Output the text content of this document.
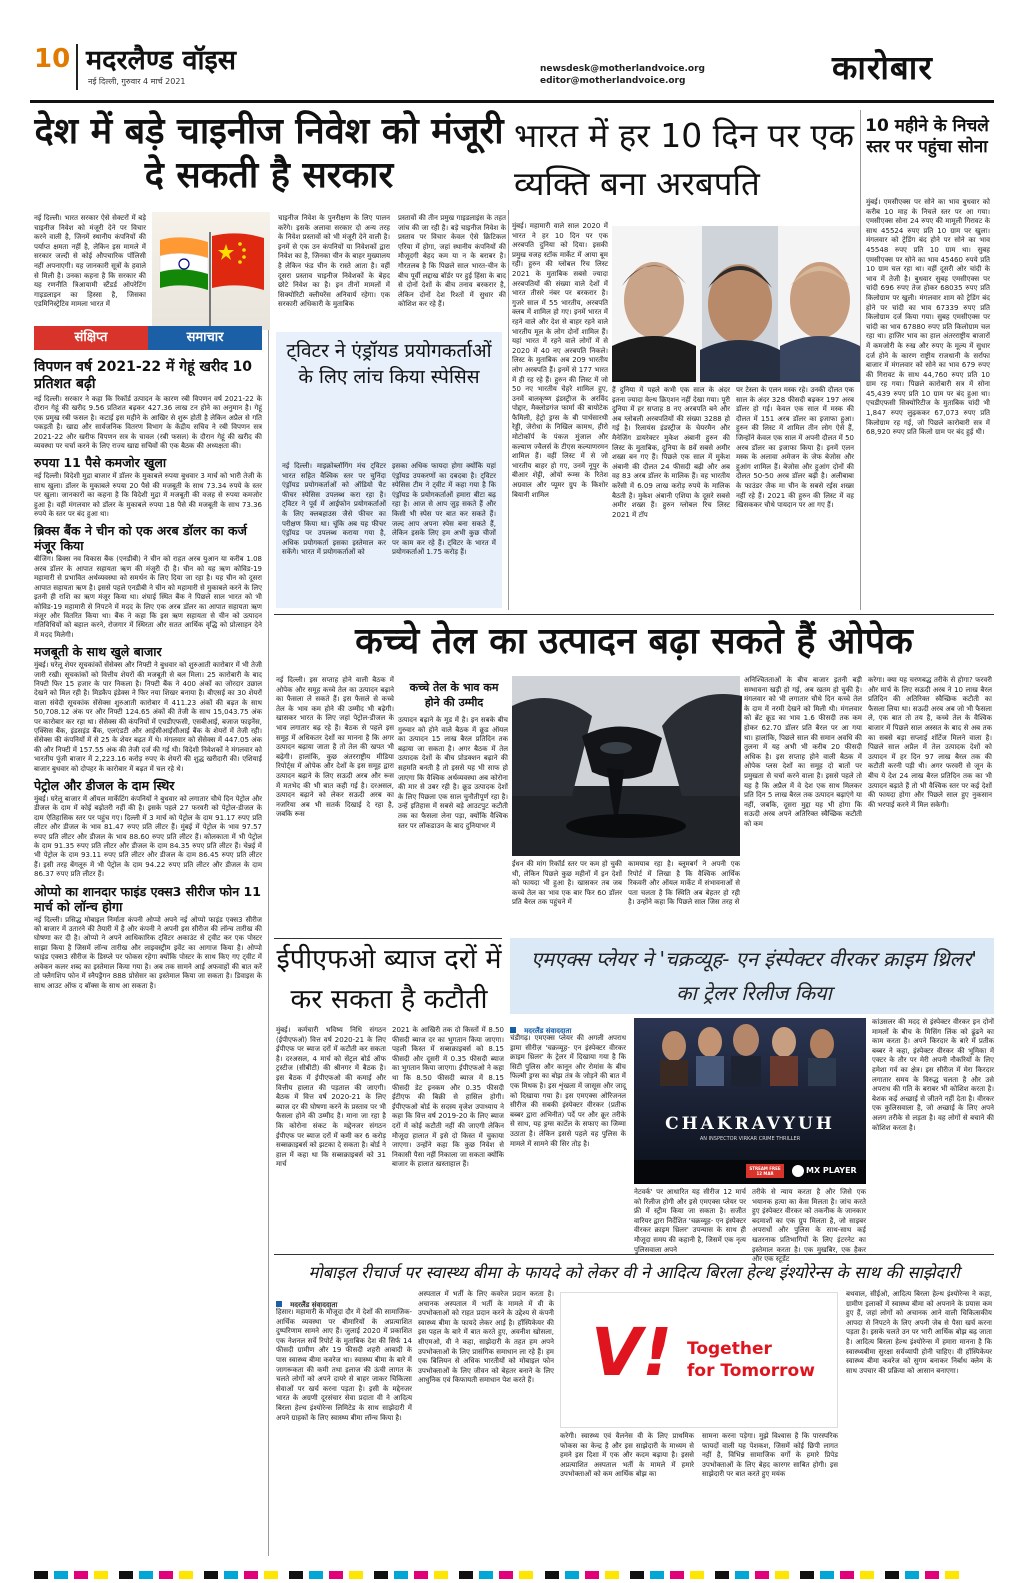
10 मदरलैण्ड वॉइस
नई दिल्ली, गुरुवार 4 मार्च 2021
newsdesk@motherlandvoice.org
editor@motherlandvoice.org	कारोबार
देश में बड़े चाइनीज निवेश को मंजूरी दे सकती है सरकार
नई दिल्ली। भारत सरकार ऐसे सेक्टरों में बड़े चाइनीज निवेश को मंजूरी देने पर विचार करने वाली है, जिनमें स्थानीय कंपनियों की पर्याप्त क्षमता नहीं है, लेकिन इस मामले में सरकार जल्दी से कोई औपचारिक पॉलिसी नहीं अपनाएगी। यह जानकारी सूत्रों के हवाले से मिली है। उनका कहना है कि सरकार की यह रणनीति त्रिआयामी स्टैंडर्ड ऑपरेटिंग गाइडलाइन का हिस्सा है, जिसका एडमिनिस्ट्रेटिव मामला भारत में
चाइनीज निवेश के पुनरीक्षण के लिए पालन करेंगे। इसके अलावा सरकार दो अन्य तरह के निवेश प्रस्तावों को भी मंजूरी देने वाली है। इनमें से एक उन कंपनियों या निवेशकों द्वारा निवेश का है, जिनका चीन के बाहर मुख्यालय है लेकिन फंड चीन के रास्ते आता है। वहीं दूसरा प्रस्ताव चाइनीज निवेशकों के बेहद छोटे निवेश का है। इन तीनों मामलों में सिक्योरिटी क्लीयरेंस अनिवार्य रहेगा। एक सरकारी अधिकारी के मुताबिक
प्रस्तावों की तीन प्रमुख गाइडलाइंस के तहत जांच की जा रही है। बड़े चाइनीज निवेश के प्रस्ताव पर विचार केवल ऐसे क्रिटिकल एरिया में होगा, जहां स्थानीय कंपनियों की मौजूदगी बेहद कम या न के बराबर है। गौरतलब है कि पिछले साल भारत-चीन के बीच पूर्वी लद्दाख बॉर्डर पर हुई हिंसा के बाद से दोनों देशों के बीच तनाव बरकरार है, लेकिन दोनों देश रिश्तों में सुधार की कोशिश कर रहे हैं।
भारत में हर 10 दिन पर एक व्यक्ति बना अरबपति
मुंबई। महामारी वाले साल 2020 में भारत ने हर 10 दिन पर एक अरबपति दुनिया को दिया। इसकी प्रमुख वजह स्टॉक मार्केट में आया बूम रही। हुरुन की ग्लोबल रिच लिस्ट 2021 के मुताबिक सबसे ज्यादा अरबपतियों की संख्या वाले देशों में भारत तीसरे नंबर पर बरकरार है। गुजरे साल में 55 भारतीय, अरबपति क्लब में शामिल हो गए। इनमें भारत में रहने वाले और देश से बाहर रहने वाले भारतीय मूल के लोग दोनों शामिल हैं। यहां भारत में रहने वाले लोगों में से 2020 में 40 नए अरबपति निकले। लिस्ट के मुताबिक अब 209 भारतीय लोग अरबपति हैं। इनमें से 177 भारत में ही रह रहे हैं। हुरुन की लिस्ट में जो 50 नए भारतीय चेहरे शामिल हुए, उनमें बालकृष्ण इंडस्ट्रीज के अरविंद पोद्दार, मैक्लोडगंज फार्मा की बायोटेक फैमिली, हेट्रो ड्रग्स के बी पार्थसारथी रेड्डी, जेरोधा के निखिल कामथ, हीरो मोटोकॉर्प के पंकज मुंजाल और कल्याण ज्वैलर्स के टीएस कल्याणरमन शामिल हैं। वहीं लिस्ट में से जो भारतीय बाहर हो गए, उनमें नूपुर के बीआर शेट्टी, ओयो रूम्स के रितेश अग्रवाल और प्यूमर ग्रुप के किशोर बियानी शामिल
हैं दुनिया में पहले कभी एक साल के अंदर इतना ज्यादा वेल्थ क्रिएशन नहीं देखा गया। पूरी दुनिया में हर सप्ताह 8 नए अरबपति बने और अब ग्लोबली अरबपतियों की संख्या 3288 हो गई है। रिलायंस इंडस्ट्रीज के चेयरमैन और मैनेजिंग डायरेक्टर मुकेश अंबानी हुरुन की लिस्ट के मुताबिक, दुनिया के 8वें सबसे अमीर शख्स बन गए हैं। पिछले एक साल में मुकेश अंबानी की दौलत 24 फीसदी बढ़ी और अब वह 83 अरब डॉलर के मालिक हैं। वह भारतीय करेंसी में 6.09 लाख करोड़ रुपये के मालिक बैठती है। मुकेश अंबानी एशिया के दूसरे सबसे अमीर शख्स हैं। हुरुन ग्लोबल रिच लिस्ट 2021 में टॉप
पर टेस्ला के एलन मस्क रहे। उनकी दौलत एक साल के अंदर 328 फीसदी बढ़कर 197 अरब डॉलर हो गई। केवल एक साल में मस्क की दौलत में 151 अरब डॉलर का इजाफा हुआ। हुरुन की लिस्ट में शामिल तीन लोग ऐसे हैं, जिन्होंने केवल एक साल में अपनी दौलत में 50 अरब डॉलर का इजाफा किया है। इनमें एलन मस्क के अलावा अमेजन के जेफ बेजोस और हुआंग शामिल हैं। बेजोस और हुआंग दोनों की दौलत 50-50 अरब डॉलर बढ़ी है। अलीबाबा के फाउंडर जैक मा चीन के सबसे रईस शख्स नहीं रहे हैं। 2021 की हुरुन की लिस्ट में वह खिसककर चौथे पायदान पर आ गए हैं।
10 महीने के निचले स्तर पर पहुंचा सोना
मुंबई। एमसीएक्स पर सोने का भाव बुधवार को करीब 10 माह के निचले स्तर पर आ गया। एमसीएक्स सोना 24 रुपए की मामूली गिरावट के साथ 45524 रुपए प्रति 10 ग्राम पर खुला। मंगलवार को ट्रेडिंग बंद होने पर सोने का भाव 45548 रुपए प्रति 10 ग्राम था। सुबह एमसीएक्स पर सोने का भाव 45460 रुपये प्रति 10 ग्राम चल रहा था। वहीं दूसरी ओर चांदी के भाव में तेजी है। बुधवार सुबह एमसीएक्स पर चांदी 696 रुपए तेज होकर 68035 रुपए प्रति किलोग्राम पर खुली। मंगलवार शाम को ट्रेडिंग बंद होने पर चांदी का भाव 67339 रुपए प्रति किलोग्राम दर्ज किया गया। सुबह एमसीएक्स पर चांदी का भाव 67880 रुपए प्रति किलोग्राम चल रहा था। हाजिर भाव का हाल अंतरराष्ट्रीय बाजारों में कमजोरी के रुख और रुपए के मूल्य में सुधार दर्ज होने के कारण राष्ट्रीय राजधानी के सर्राफा बाजार में मंगलवार को सोने का भाव 679 रुपए की गिरावट के साथ 44,760 रुपए प्रति 10 ग्राम रह गया। पिछले कारोबारी सत्र में सोना 45,439 रुपए प्रति 10 ग्राम पर बंद हुआ था। एचडीएफसी सिक्योरिटीज के मुताबिक चांदी भी 1,847 रुपए लुढ़ककर 67,073 रुपए प्रति किलोग्राम रह गई, जो पिछले कारोबारी सत्र में 68,920 रुपए प्रति किलो ग्राम पर बंद हुई थी।
संक्षिप्त	समाचार
विपणन वर्ष 2021-22 में गेहूं खरीद 10 प्रतिशत बढ़ी
नई दिल्ली। सरकार ने कहा कि रिकॉर्ड उत्पादन के कारण रबी विपणन वर्ष 2021-22 के दौरान गेहूं की खरीद 9.56 प्रतिशत बढ़कर 427.36 लाख टन होने का अनुमान है। गेहूं एक प्रमुख रबी फसल है। कटाई इस महीने के आखिर से शुरू होती है लेकिन अप्रैल से गति पकड़ती है। खाद्य और सार्वजनिक वितरण विभाग के केंद्रीय सचिव ने रबी विपणन सत्र 2021-22 और खरीफ विपणन सत्र के चावल (रबी फसल) के दौरान गेहूं की खरीद की व्यवस्था पर चर्चा करने के लिए राज्य खाद्य सचिवों की एक बैठक की अध्यक्षता की।
रुपया 11 पैसे कमजोर खुला
नई दिल्ली। विदेशी मुद्रा बाजार में डॉलर के मुकाबले रुपया बुधवार 3 मार्च को भारी तेजी के साथ खुला। डॉलर के मुकाबले रुपया 20 पैसे की मजबूती के साथ 73.34 रुपये के स्तर पर खुला। जानकारों का कहना है कि विदेशी मुद्रा में मजबूती की वजह से रुपया कमजोर हुआ है। वहीं मंगलवार को डॉलर के मुकाबले रुपया 18 पैसे की मजबूती के साथ 73.36 रुपये के स्तर पर बंद हुआ था।
ब्रिक्स बैंक ने चीन को एक अरब डॉलर का कर्ज मंजूर किया
बीजिंग। ब्रिक्स नव विकास बैंक (एनडीबी) ने चीन को राहत अरब युआन या करीब 1.08 अरब डॉलर के आपात सहायता ऋण की मंजूरी दी है। चीन को यह ऋण कोविड-19 महामारी से प्रभावित अर्थव्यवस्था को समर्थन के लिए दिया जा रहा है। यह चीन को दूसरा आपात सहायता ऋण है। इससे पहले एनडीबी ने चीन को महामारी से मुकाबले करने के लिए इतनी ही राशि का ऋण मंजूर किया था। शंघाई स्थित बैंक ने पिछले साल भारत को भी कोविड-19 महामारी से निपटने में मदद के लिए एक अरब डॉलर का आपात सहायता ऋण मंजूर और वितरित किया था। बैंक ने कहा कि इस ऋण सहायता से चीन को उत्पादन गतिविधियों को बहाल करने, रोजगार में स्थिरता और सतत आर्थिक वृद्धि को प्रोत्साहन देने में मदद मिलेगी।
मजबूती के साथ खुले बाजार
मुंबई। घरेलू शेयर सूचकांकों सेंसेक्स और निफ्टी ने बुधवार को शुरुआती कारोबार में भी तेजी जारी रखी। सूचकांकों को वित्तीय शेयरों की मजबूती से बल मिला। 25 कारोबारी के बाद निफ्टी फिर 15 हजार के पार निकला है। निफ्टी बैंक ने 400 अंकों का जोरदार उछाल देखने को मिल रही है। मिडकैप इंडेक्स ने फिर नया शिखर बनाया है। बीएसई का 30 शेयरों वाला संवेदी सूचकांक सेंसेक्स शुरुआती कारोबार में 411.23 अंकों की बढ़त के साथ 50,708.12 अंक पर और निफ्टी 124.65 अंकों की तेजी के साथ 15,043.75 अंक पर कारोबार कर रहा था। सेंसेक्स की कंपनियों में एचडीएफसी, एसबीआई, बजाज फाइनेंस, एक्सिस बैंक, इंडसइंड बैंक, एलएंडटी और आईसीआईसीआई बैंक के शेयरों में तेजी रही। सेंसेक्स की कंपनियों में से 25 के शेयर बढ़त में थे। मंगलवार को सेंसेक्स में 447.05 अंक की और निफ्टी में 157.55 अंक की तेजी दर्ज की गई थी। विदेशी निवेशकों ने मंगलवार को भारतीय पूंजी बाजार में 2,223.16 करोड़ रुपए के शेयरों की शुद्ध खरीदारी की। एशियाई बाजार बुधवार को दोपहर के कारोबार में बढ़त में चल रहे थे।
पेट्रोल और डीजल के दाम स्थिर
मुंबई। घरेलू बाजार में ऑयल मार्केटिंग कंपनियों ने बुधवार को लगातार चौथे दिन पेट्रोल और डीजल के दाम में कोई बढ़ोतरी नहीं की है। इसके पहले 27 फरवरी को पेट्रोल-डीजल के दाम ऐतिहासिक स्तर पर पहुंच गए। दिल्ली में 3 मार्च को पेट्रोल के दाम 91.17 रुपए प्रति लीटर और डीजल के भाव 81.47 रुपए प्रति लीटर हैं। मुंबई में पेट्रोल के भाव 97.57 रुपए प्रति लीटर और डीजल के भाव 88.60 रुपए प्रति लीटर हैं। कोलकाता में भी पेट्रोल के दाम 91.35 रुपए प्रति लीटर और डीजल के दाम 84.35 रुपए प्रति लीटर हैं। चेन्नई में भी पेट्रोल के दाम 93.11 रुपए प्रति लीटर और डीजल के दाम 86.45 रुपए प्रति लीटर हैं। इसी तरह बेंगलूरु में भी पेट्रोल के दाम 94.22 रुपए प्रति लीटर और डीजल के दाम 86.37 रुपए प्रति लीटर हैं।
ओप्पो का शानदार फाइंड एक्स3 सीरीज फोन 11 मार्च को लॉन्च होगा
नई दिल्ली। प्रसिद्ध मोबाइल निर्माता कंपनी ओप्पो अपने नई ओप्पो फाइंड एक्स3 सीरीज को बाजार में उतारने की तैयारी में है और कंपनी ने अपनी इस सीरीज की लॉन्च तारीख की घोषणा कर दी है। ओप्पो ने अपने आधिकारिक ट्विटर अकाउंट से ट्वीट कर एक पोस्टर साझा किया है जिसमें लॉन्च तारीख और लाइवस्ट्रीम इवेंट का आगाज किया है। ओप्पो फाइंड एक्स3 सीरीज के डिस्प्ले पर फोकस रहेगा क्योंकि पोस्टर के साथ किए गए ट्वीट में अवेकन कलर शब्द का इस्तेमाल किया गया है। अब तक सामने आई अफवाहों की बात करें तो फ्लैगशिप फोन में स्नैपड्रैगन 888 प्रोसेसर का इस्तेमाल किया जा सकता है। डिवाइस के साथ आउट ऑफ द बॉक्स के साथ आ सकता है।
ट्विटर ने एंड्रॉयड प्रयोगकर्ताओं के लिए लांच किया स्पेसिस
नई दिल्ली। माइक्रोब्लॉगिंग मंच ट्विटर भारत सहित वैश्विक स्तर पर चुनिंदा एंड्रॉयड प्रयोगकर्ताओं को ऑडियो चैट फीचर स्पेसिस उपलब्ध करा रहा है। ट्विटर ने पूर्व में आईफोन प्रयोगकर्ताओं के लिए क्लबहाउस जैसे फीचर का परीक्षण किया था। चूंकि अब यह फीचर एंड्रॉयड पर उपलब्ध कराया गया है, अधिक प्रयोगकर्ता इसका इस्तेमाल कर सकेंगे। भारत में प्रयोगकर्ताओं को
इसका अधिक फायदा होगा क्योंकि यहां एंड्रॉयड उपकरणों का दबदबा है। ट्विटर स्पेसिस टीम ने ट्वीट में कहा गया है कि एंड्रॉयड के प्रयोगकर्ताओं हमारा बीटा बढ़ रहा है। आज से आप जुड़ सकते हैं और किसी भी स्पेस पर बात कर सकते हैं। जल्द आप अपना स्पेस बना सकते हैं, लेकिन इसके लिए हम अभी कुछ चीजों पर काम कर रहे हैं। ट्विटर के भारत में प्रयोगकर्ताओं 1.75 करोड़ हैं।
कच्चे तेल का उत्पादन बढ़ा सकते हैं ओपेक
नई दिल्ली। इस सप्ताह होने वाली बैठक में ओपेक और समूह कच्चे तेल का उत्पादन बढ़ाने का फैसला ले सकते हैं। इस फैसले से कच्चे तेल के भाव कम होने की उम्मीद भी बढ़ेगी। खासकर भारत के लिए जहां पेट्रोल-डीजल के भाव लगातार बढ़ रहे हैं। बैठक से पहले इस समूह में अधिकतर देशों का मानना है कि अगर उत्पादन बढ़ाया जाता है तो तेल की खपत भी बढ़ेगी। हालांकि, कुछ अंतरराष्ट्रीय मीडिया रिपोर्ट्स में ओपेक और देशों के इस समूह द्वारा उत्पादन बढ़ाने के लिए सऊदी अरब और रूस में मतभेद की भी बात कही गई है। दरअसल, उत्पादन बढ़ाने को लेकर सऊदी अरब का नजरिया अब भी सतर्क दिखाई दे रहा है, जबकि रूस
कच्चे तेल के भाव कम होने की उम्मीद
उत्पादन बढ़ाने के मूड में है। इन सबके बीच गुरुवार को होने वाले बैठक में क्रूड ऑयल का उत्पादन 15 लाख बैरल प्रतिदिन तक बढ़ाया जा सकता है। अगर बैठक में तेल उत्पादक देशों के बीच प्रोडक्शन बढ़ाने की सहमति बनती है तो इससे यह भी साफ हो जाएगा कि वैश्विक अर्थव्यवस्था अब कोरोना की मार से उबर रही है। क्रूड उत्पादक देशों के लिए पिछला एक साल चुनौतीपूर्ण रहा है। उन्हें इतिहास में सबसे बड़े आउटपुट कटौती तक का फैसला लेना पड़ा, क्योंकि वैश्विक स्तर पर लॉकडाउन के बाद दुनियाभर में
ईंधन की मांग रिकॉर्ड स्तर पर कम हो चुकी थी, लेकिन पिछले कुछ महीनों में इन देशों को फायदा भी हुआ है। खासकर तब जब कच्चे तेल का भाव एक बार फिर 60 डॉलर प्रति बैरल तक पहुंचने में
कामयाब रहा है। ब्लूमबर्ग ने अपनी एक रिपोर्ट में लिखा है कि वैश्विक आर्थिक रिकवरी और ऑयल मार्केट में संभावनाओं से पता चलता है कि स्थिति अब बेहतर हो रही है। उन्होंने कहा कि पिछले साल जिस तरह से
अनिश्चितताओं के बीच बाजार इतनी बड़ी सम्भावना खड़ी हो गई, अब खतम हो चुकी है। मंगलवार को भी लगातार चौथे दिन कच्चे तेल के दाम में नरमी देखने को मिली थी। मंगलवार को ब्रेंट क्रूड का भाव 1.6 फीसदी तक कम होकर 62.70 डॉलर प्रति बैरल पर आ गया था। हालांकि, पिछले साल की समान अवधि की तुलना में यह अभी भी करीब 20 फीसदी अधिक है। इस सप्ताह होने वाली बैठक में ओपेक प्लस देशों का समूह दो बातों पर प्रमुखता से चर्चा करने वाला है। इससे पहले तो यह है कि अप्रैल में वे देश एक साथ मिलकर प्रति दिन 5 लाख बैरल तक उत्पादन बढ़ाएंगे या नहीं, जबकि, दूसरा मुद्दा यह भी होगा कि सऊदी अरब अपने अतिरिक्त स्वैच्छिक कटौती को कम
करेगा। क्या यह चरणबद्ध तरीके से होगा? फरवरी और मार्च के लिए सऊदी अरब ने 10 लाख बैरल प्रतिदिन की अतिरिक्त स्वैच्छिक कटौती का फैसला लिया था। सऊदी अरब अब जो भी फैसला ले, एक बात तो तय है, कच्चे तेल के वैश्विक बाजार में पिछले साल अस्सत के बाद से अब तक का सबसे बड़ा सप्लाई शॉर्टेज मिलने वाला है। पिछले साल अप्रैल में तेल उत्पादक देशों को उत्पादन में हर दिन 97 लाख बैरल तक की कटौती करनी पड़ी थी। अगर फरवरी से जून के बीच ये देश 24 लाख बैरल प्रतिदिन तक का भी उत्पादन बढ़ाते हैं तो भी वैश्विक स्तर पर कई देशों की फायदा होगा और पिछले साल हुए नुकसान की भरपाई करने में मिल सकेगी।
ईपीएफओ ब्याज दरों में कर सकता है कटौती
मुंबई। कर्मचारी भविष्य निधि संगठन (ईपीएफओ) वित्त वर्ष 2020-21 के लिए ईपीएफ पर ब्याज दरों में कटौती कर सकता है। दरअसल, 4 मार्च को सेंट्रल बोर्ड ऑफ ट्रस्टीज (सीबीटी) की श्रीनगर में बैठक है। इस बैठक में ईपीएफओ की कमाई और वित्तीय हालात की पड़ताल की जाएगी। बैठक में वित्त वर्ष 2020-21 के लिए ब्याज दर की घोषणा करने के प्रस्ताव पर भी फैसला होने की उम्मीद है। माना जा रहा है कि कोरोना संकट के मद्देनजर संगठन ईपीएफ पर ब्याज दरों में कमी कर 6 करोड़ सब्सक्राइबर्स को झटका दे सकता है। बोर्ड ने हाल में कहा था कि सब्सक्राइबर्स को 31 मार्च
2021 के आखिरी तक दो किस्तों में 8.50 फीसदी ब्याज दर का भुगतान किया जाएगा। पहली किस्त में सब्सक्राइबर्स को 8.15 फीसदी और दूसरी में 0.35 फीसदी ब्याज का भुगतान किया जाएगा। ईपीएफओ ने कहा था कि 8.50 फीसदी ब्याज में 8.15 फीसदी डेट इनकम और 0.35 फीसदी ईटीएफ की बिक्री से हासिल होगी। ईपीएफओ बोर्ड के सदस्य वृजेश उपाध्याय ने कहा कि वित्त वर्ष 2019-20 के लिए ब्याज दरों में कोई कटौती नहीं की जाएगी लेकिन मौजूदा हालात में इसे दो किस्त में चुकाया जाएगा। उन्होंने कहा कि कुछ निवेश से निकासी पैसा नहीं निकाला जा सकता क्योंकि बाजार के हालात खस्ताहाल हैं।
एमएक्स प्लेयर ने 'चक्रव्यूह- एन इंस्पेक्टर वीरकर क्राइम थ्रिलर' का ट्रेलर रिलीज किया
मदरलैंड संवाददाता
चंडीगढ़। एमएक्स प्लेयर की अगली अपराध ड्रामा सीरीज़ 'चक्रव्यूह- एन इंस्पेक्टर वीरकर क्राइम थ्रिलर' के ट्रेलर में दिखाया गया है कि सिटी पुलिस और कानून और रोमांस के बीच फिल्मी ड्रग्स का बोझ तंत्र के जोड़ने की बात में एक मिथक है। इस शृंखला में जासूस और जादू को दिखाया गया है। इस एमएक्स ओरिजनल सीरीज की सबकी इंस्पेक्टर वीरकर (प्रतीक बब्बर द्वारा अभिनीत) पर्दे पर और क्रूर तरीके से साथ, यह ड्रग्स कार्टेल के सफाए का जिम्मा उठाता है। लेकिन इससे पहले वह पुलिस के मामले में सामने की सिर तोड़ है।
CHAKRAVYUH
AN INSPECTOR VIRKAR CRIME THRILLER
STREAM FREE 12 MAR	MX PLAYER
नेटवर्क' पर आधारित यह सीरीज 12 मार्च को रिलीज होगी और इसे एमएक्स प्लेयर पर फ्री में स्ट्रीम किया जा सकता है। सजीत वारियर द्वारा निर्देशित 'चक्रव्यूह- एन इंस्पेक्टर वीरकर क्राइम थ्रिलर' उपन्यास के साथ ही मौजूदा समय की कहानी है, जिसमें एक नृत्य पुलिसवाला अपने
तरीके से न्याय करता है और जिसे एक भयानक हत्या का केस मिलता है। जांच करते हुए इंस्पेक्टर वीरकर को तकनीक के जानकार बदमाशों का एक ग्रुप मिलता है, जो साइबर अपराधों और पुलिस के साथ-साथ कई खतरनाक प्रतिभागियों के लिए इंटरनेट का इस्तेमाल करता है। एक मुखबिर, एक हैकर और एक स्टूडेंट
कांउसलर की मदद से इंस्पेक्टर वीरकर इन दोनों मामलों के बीच के मिसिंग लिंक को ढूंढने का काम करता है। अपने किरदार के बारे में प्रतीक बब्बर ने कहा, इंस्पेक्टर वीरकर की भूमिका में एक्टर के तौर पर मेरी अपनी नौकरियों के लिए हमेशा गर्व का क्षेत्र। इस सीरीज में मेरा किरदार लगातार समय के विरुद्ध चलता है और उसे अपराध की गति के बराबर भी कोशिश करता है। बेशक कई अच्छाई से जीतने नहीं देता है। वीरकर एक कुलिसवाला है, जो अच्छाई के लिए अपने अलग तरीके से लड़ता है। वह लोगों से बचाने की कोशिश करता है।
मोबाइल रीचार्ज पर स्वास्थ्य बीमा के फायदे को लेकर वी ने आदित्य बिरला हेल्थ इंश्योरेन्स के साथ की साझेदारी
मदरलैंड संवाददाता
हिसार। महामारी के मौजूदा दौर में देशों की सामाजिक-आर्थिक व्यवस्था पर बीमारियों के अप्रत्याशित दुष्परिणाम सामने आए हैं। जुलाई 2020 में प्रकाशित एक नेशनल सर्वे रिपोर्ट के मुताबिक देश की सिर्फ 14 फीसदी ग्रामीण और 19 फीसदी शहरी आबादी के पास स्वास्थ्य बीमा कवरेज था। स्वास्थ्य बीमा के बारे में जागरूकता की कमी तथा इलाज की ऊंची लागत के चलते लोगों को अपने दायरे से बाहर जाकर चिकित्सा सेवाओं पर खर्च करना पड़ता है। इसी के मद्देनजर भारत के अग्रणी दूरसंचार सेवा प्रदाता वी ने आदित्य बिरला हेल्थ इंश्योरेन्स लिमिटेड के साथ साझेदारी में अपने ग्राहकों के लिए स्वास्थ्य बीमा लॉन्च किया है।
अस्पताल में भर्ती के लिए कवरेज प्रदान करता है। अचानक अस्पताल में भर्ती के मामले में वी के उपभोक्ताओं को राहत प्रदान करने के उद्देश्य से कंपनी स्वास्थ्य बीमा के फायदे लेकर आई है। हॉस्पिकेयर की इस पहल के बारे में बात करते हुए, अवनीश खोसला, सीएमओ, वी ने कहा, साझेदारी के तहत हम अपने उपभोक्ताओं के लिए प्रासंगिक समाधान ला रहे हैं। हम एक बिलियन से अधिक भारतीयों को मोबाइल फोन उपभोक्ताओं के लिए जीवन को बेहतर बनाने के लिए आधुनिक एवं किफायती समाधान पेश करते हैं। V! Together
for Tomorrow
करेगी। स्वास्थ्य एवं वैलनेस वी के लिए प्राथमिक फोकस का केन्द्र है और इस साझेदारी के माध्यम से हमने इस दिशा में एक और कदम बढ़ाया है। इससे अप्रत्याशित अस्पताल भर्ती के मामले में हमारे उपभोक्ताओं को कम आर्थिक बोझ का
सामना करना पड़ेगा। मुझे विश्वास है कि पारस्परिक फायदों वाली यह पेशकश, जिसमें कोई छिपी लागत नहीं है, विभिन्न सामाजिक वर्गों के हमारे प्रिपेड उपभोक्ताओं के लिए बेहद कारगर साबित होगी। इस साझेदारी पर बात करते हुए मयंक
बथवाल, सीईओ, आदित्य बिरला हेल्थ इंश्योरेन्स ने कहा, ग्रामीण इलाकों में स्वास्थ्य बीमा को अपनाने के प्रयास कम हुए हैं, जहां लोगों को अचानक आने वाली चिकित्सकीय आपदा से निपटने के लिए अपनी जेब से पैसा खर्च करना पड़ता है। इसके चलते उन पर भारी आर्थिक बोझ बढ़ जाता है। आदित्य बिरला हेल्थ इंश्योरेन्स में हमारा मानना है कि स्वास्थ्यबीमा सुरक्षा सर्वव्यापी होनी चाहिए। वी हॉस्पिकेयर स्वास्थ्य बीमा कवरेज को सुगम बनाकर निर्बाध क्लेम के साथ उपचार की प्रक्रिया को आसान बनाएगा।
